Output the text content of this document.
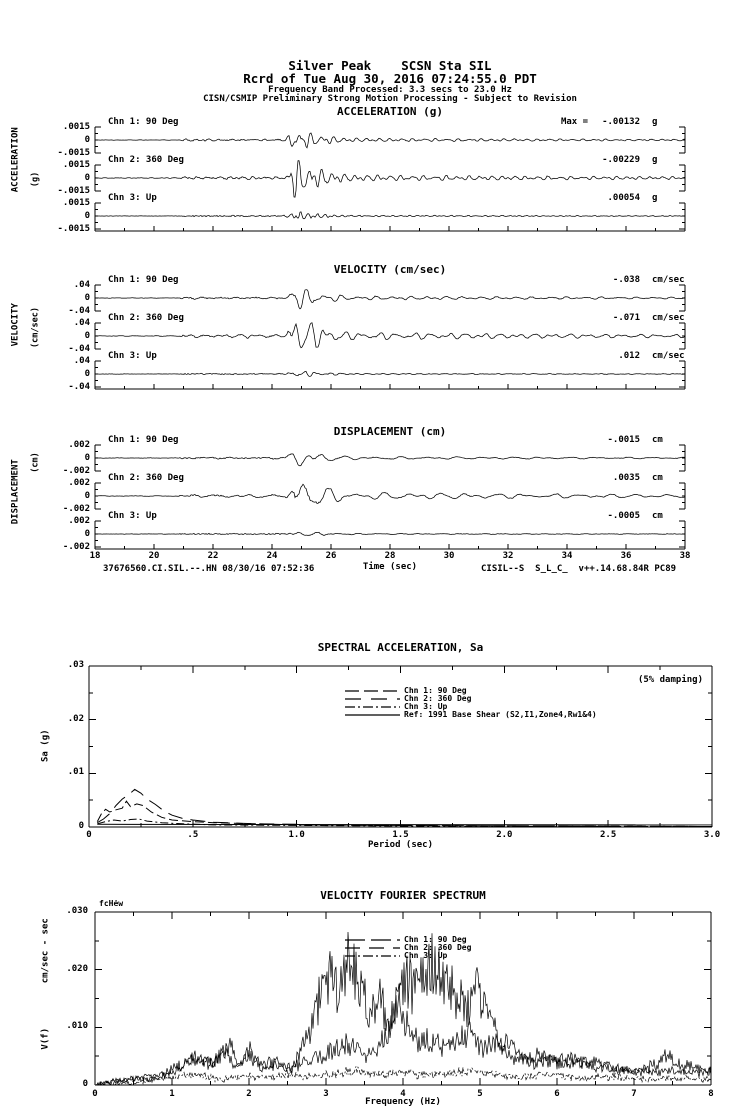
Silver Peak    SCSN Sta SIL
Rcrd of Tue Aug 30, 2016 07:24:55.0 PDT
Frequency Band Processed: 3.3 secs to 23.0 Hz
CISN/CSMIP Preliminary Strong Motion Processing - Subject to Revision
Time (sec)
37676560.CI.SIL.--.HN 08/30/16 07:52:36	CISIL--S  S_L_C_  v++.14.68.84R PC89
SPECTRAL ACCELERATION, Sa
(5% damping)
Sa (g)
Period (sec)
VELOCITY FOURIER SPECTRUM
fcHėw
cm/sec - sec
V(f)
Frequency (Hz)
ACCELERATION (g)
.0015
0
-.0015
Chn 1: 90 Deg	Max = -.00132 g
.0015
0
-.0015
Chn 2: 360 Deg	-.00229 g
.0015
0
-.0015
Chn 3: Up	.00054 g
VELOCITY (cm/sec)
.04
0
-.04
Chn 1: 90 Deg	-.038 cm/sec
.04
0
-.04
Chn 2: 360 Deg	-.071 cm/sec
.04
0
-.04
Chn 3: Up	.012 cm/sec
DISPLACEMENT (cm)
18	20	22	24	26	28	30	32	34	36	38
.002
0
-.002
Chn 1: 90 Deg	-.0015 cm
.002
0
-.002
Chn 2: 360 Deg	.0035 cm
.002
0
-.002
Chn 3: Up	-.0005 cm
.03
.02
.01
0
0	.5	1.0	1.5	2.0	2.5	3.0
Chn 1: 90 Deg
Chn 2: 360 Deg
Chn 3: Up
Ref: 1991 Base Shear (S2,I1,Zone4,Rw1&4)
.030
.020
.010
0
0	1	2	3	4	5	6	7	8
Chn 1: 90 Deg
Chn 2: 360 Deg
Chn 3: Up
ACCELERATION (g)
VELOCITY (cm/sec)
DISPLACEMENT (cm)
